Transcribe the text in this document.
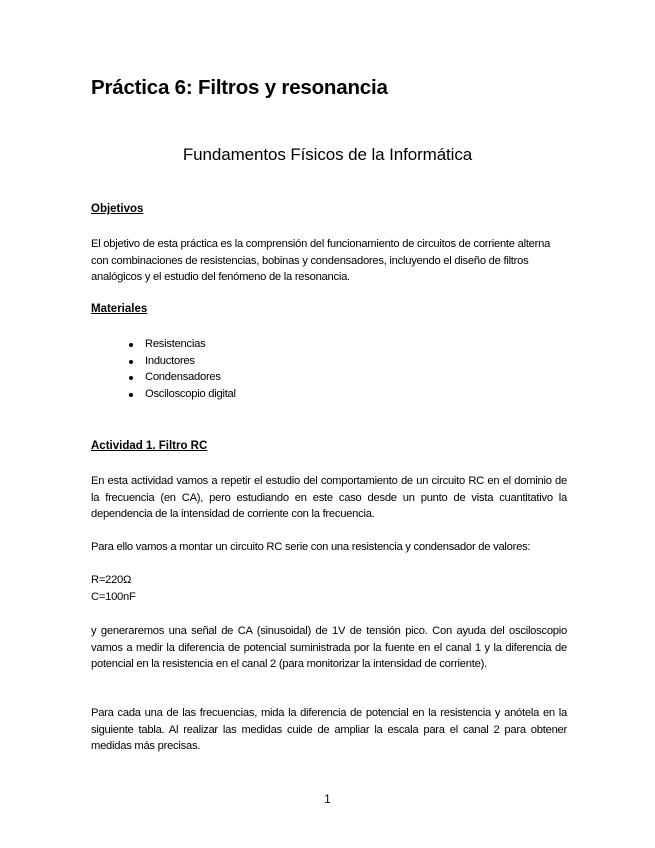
Práctica 6: Filtros y resonancia
Fundamentos Físicos de la Informática
Objetivos
El objetivo de esta práctica es la comprensión del funcionamiento de circuitos de corriente alterna con combinaciones de resistencias, bobinas y condensadores, incluyendo el diseño de filtros analógicos y el estudio del fenómeno de la resonancia.
Materiales
Resistencias
Inductores
Condensadores
Osciloscopio digital
Actividad 1. Filtro RC
En esta actividad vamos a repetir el estudio del comportamiento de un circuito RC en el dominio de la frecuencia (en CA), pero estudiando en este caso desde un punto de vista cuantitativo la dependencia de la intensidad de corriente con la frecuencia.
Para ello vamos a montar un circuito RC serie con una resistencia y condensador de valores:
R=220Ω
C=100nF
y generaremos una señal de CA (sinusoidal) de 1V de tensión pico. Con ayuda del osciloscopio vamos a medir la diferencia de potencial suministrada por la fuente en el canal 1 y la diferencia de potencial en la resistencia en el canal 2 (para monitorizar la intensidad de corriente).
Para cada una de las frecuencias, mida la diferencia de potencial en la resistencia y anótela en la siguiente tabla. Al realizar las medidas cuide de ampliar la escala para el canal 2 para obtener medidas más precisas.
1
